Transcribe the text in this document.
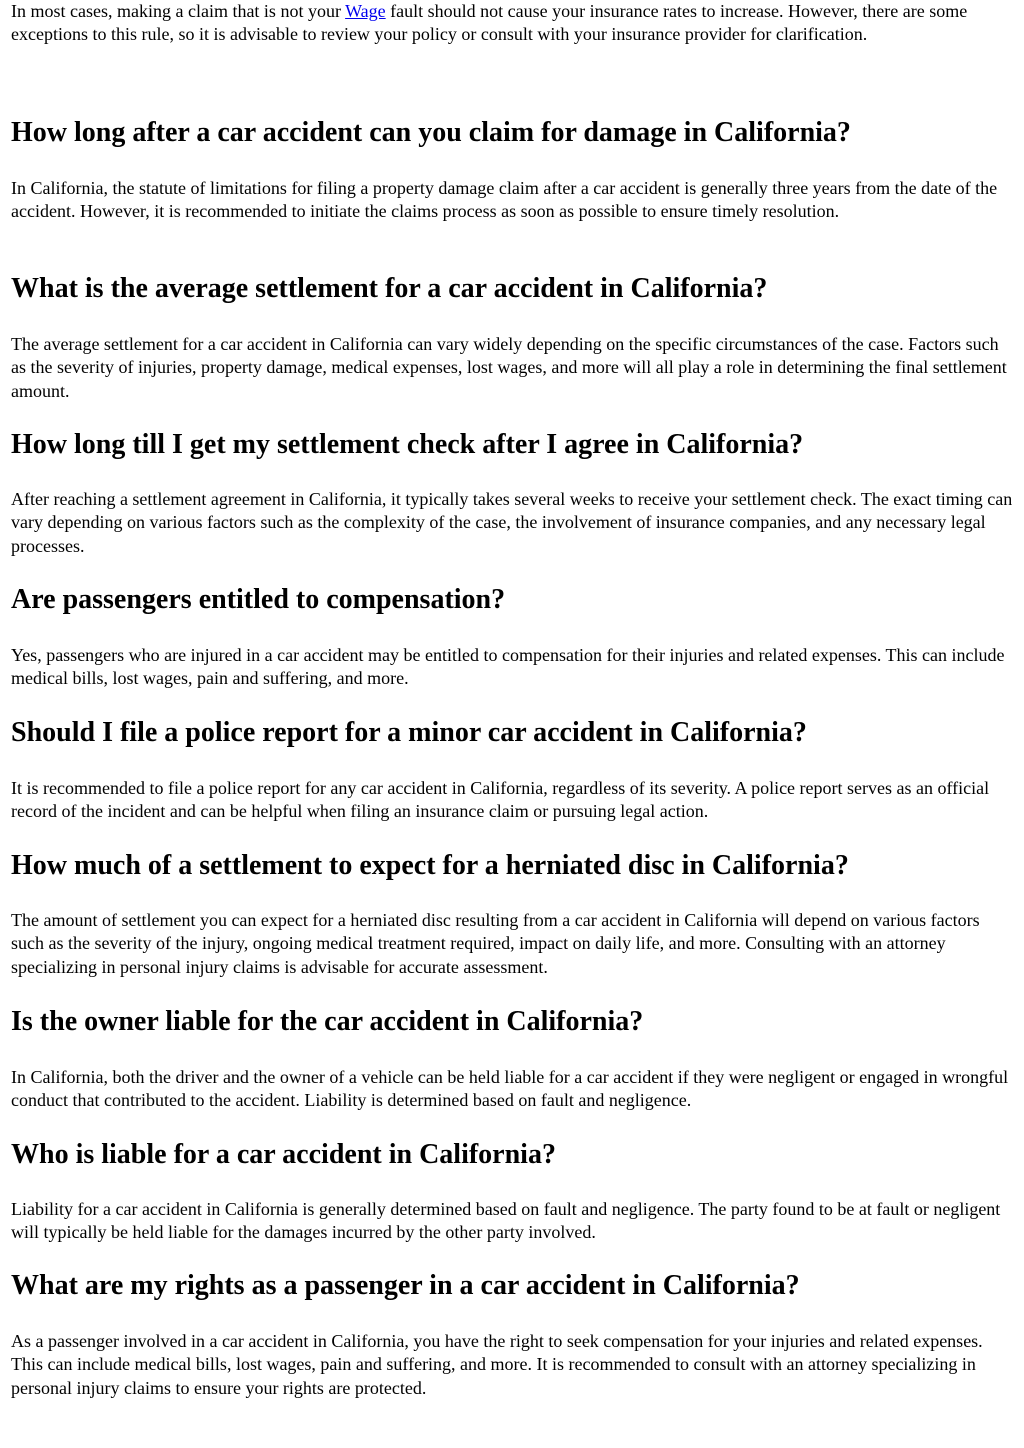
In most cases, making a claim that is not your Wage fault should not cause your insurance rates to increase. However, there are some exceptions to this rule, so it is advisable to review your policy or consult with your insurance provider for clarification.

How long after a car accident can you claim for damage in California?

In California, the statute of limitations for filing a property damage claim after a car accident is generally three years from the date of the accident. However, it is recommended to initiate the claims process as soon as possible to ensure timely resolution.

What is the average settlement for a car accident in California?

The average settlement for a car accident in California can vary widely depending on the specific circumstances of the case. Factors such as the severity of injuries, property damage, medical expenses, lost wages, and more will all play a role in determining the final settlement amount.

How long till I get my settlement check after I agree in California?

After reaching a settlement agreement in California, it typically takes several weeks to receive your settlement check. The exact timing can vary depending on various factors such as the complexity of the case, the involvement of insurance companies, and any necessary legal processes.

Are passengers entitled to compensation?

Yes, passengers who are injured in a car accident may be entitled to compensation for their injuries and related expenses. This can include medical bills, lost wages, pain and suffering, and more.

Should I file a police report for a minor car accident in California?

It is recommended to file a police report for any car accident in California, regardless of its severity. A police report serves as an official record of the incident and can be helpful when filing an insurance claim or pursuing legal action.

How much of a settlement to expect for a herniated disc in California?

The amount of settlement you can expect for a herniated disc resulting from a car accident in California will depend on various factors such as the severity of the injury, ongoing medical treatment required, impact on daily life, and more. Consulting with an attorney specializing in personal injury claims is advisable for accurate assessment.

Is the owner liable for the car accident in California?

In California, both the driver and the owner of a vehicle can be held liable for a car accident if they were negligent or engaged in wrongful conduct that contributed to the accident. Liability is determined based on fault and negligence.

Who is liable for a car accident in California?

Liability for a car accident in California is generally determined based on fault and negligence. The party found to be at fault or negligent will typically be held liable for the damages incurred by the other party involved.

What are my rights as a passenger in a car accident in California?

As a passenger involved in a car accident in California, you have the right to seek compensation for your injuries and related expenses. This can include medical bills, lost wages, pain and suffering, and more. It is recommended to consult with an attorney specializing in personal injury claims to ensure your rights are protected.
